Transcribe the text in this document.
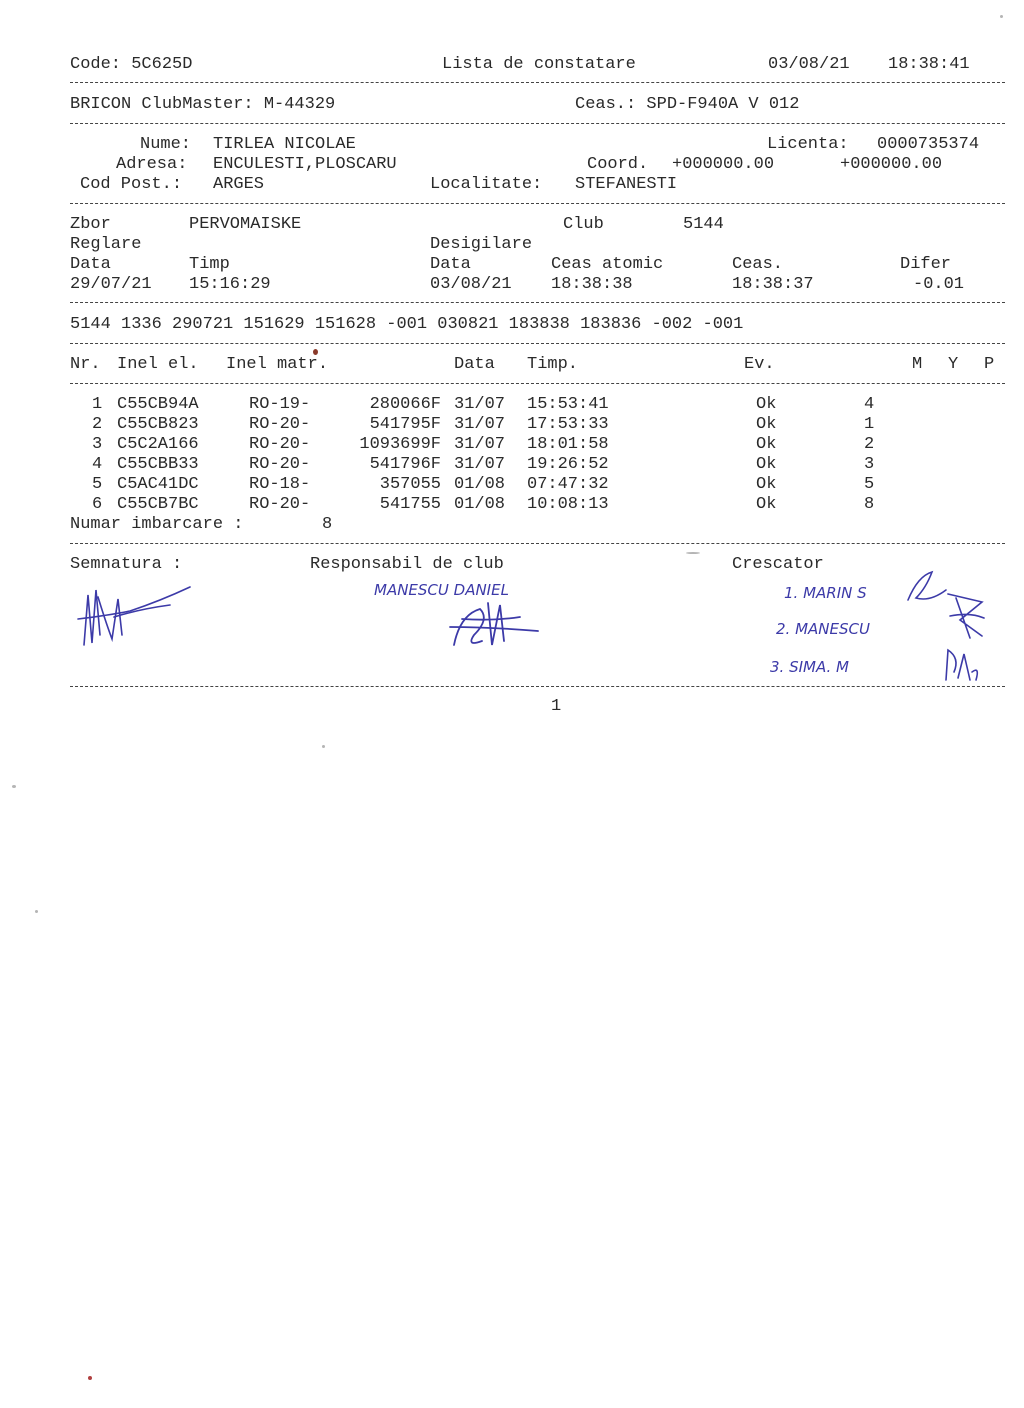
Code: 5C625D	Lista de constatare	03/08/21 18:38:41
BRICON ClubMaster: M-44329	Ceas.: SPD-F940A V 012
Nume: TIRLEA NICOLAE	Licenta: 0000735374
Adresa: ENCULESTI,PLOSCARU	Coord. +000000.00	+000000.00
Cod Post.: ARGES	Localitate: STEFANESTI
Zbor	PERVOMAISKE	Club	5144
Reglare	Desigilare
Data	Timp	Data	Ceas atomic	Ceas.	Difer
29/07/21 15:16:29	03/08/21 18:38:38	18:38:37	-0.01
5144 1336 290721 151629 151628 -001 030821 183838 183836 -002 -001
Nr. Inel el. Inel matr.	Data Timp.	Ev.	M Y P
1 C55CB94A	RO-19-	280066F 31/07 15:53:41	Ok	4
2 C55CB823	RO-20-	541795F 31/07 17:53:33	Ok	1
3 C5C2A166	RO-20-	1093699F 31/07 18:01:58	Ok	2
4 C55CBB33	RO-20-	541796F 31/07 19:26:52	Ok	3
5 C5AC41DC	RO-18-	357055 01/08 07:47:32	Ok	5
6 C55CB7BC	RO-20-	541755 01/08 10:08:13	Ok	8
Numar imbarcare :	8
Semnatura :	Responsabil de club	Crescator
MANESCU DANIEL	1. MARIN S
2. MANESCU
3. SIMA. M
1
